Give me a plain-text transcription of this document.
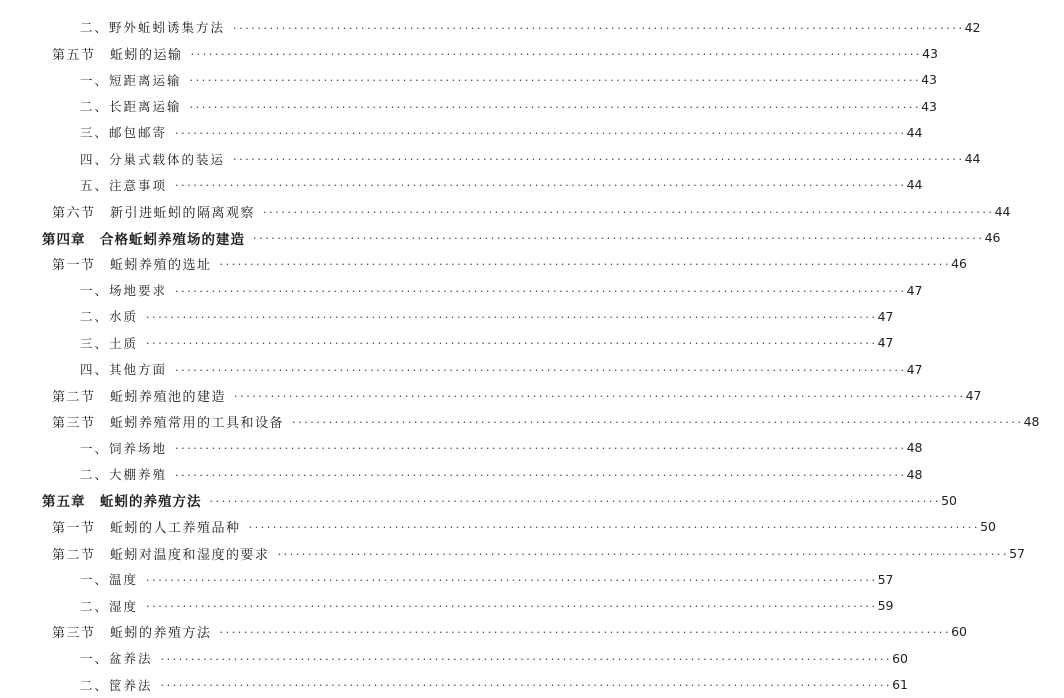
二、野外蚯蚓诱集方法 ························································································································ 42
第五节　蚯蚓的运输 ························································································································ 43
一、短距离运输 ························································································································ 43
二、长距离运输 ························································································································ 43
三、邮包邮寄 ························································································································ 44
四、分巢式载体的装运 ························································································································ 44
五、注意事项 ························································································································ 44
第六节　新引进蚯蚓的隔离观察 ························································································································ 44
第四章　合格蚯蚓养殖场的建造 ························································································································ 46
第一节　蚯蚓养殖的选址 ························································································································ 46
一、场地要求 ························································································································ 47
二、水质 ························································································································ 47
三、土质 ························································································································ 47
四、其他方面 ························································································································ 47
第二节　蚯蚓养殖池的建造 ························································································································ 47
第三节　蚯蚓养殖常用的工具和设备 ························································································································ 48
一、饲养场地 ························································································································ 48
二、大棚养殖 ························································································································ 48
第五章　蚯蚓的养殖方法 ························································································································ 50
第一节　蚯蚓的人工养殖品种 ························································································································ 50
第二节　蚯蚓对温度和湿度的要求 ························································································································ 57
一、温度 ························································································································ 57
二、湿度 ························································································································ 59
第三节　蚯蚓的养殖方法 ························································································································ 60
一、盆养法 ························································································································ 60
二、筐养法 ························································································································ 61
